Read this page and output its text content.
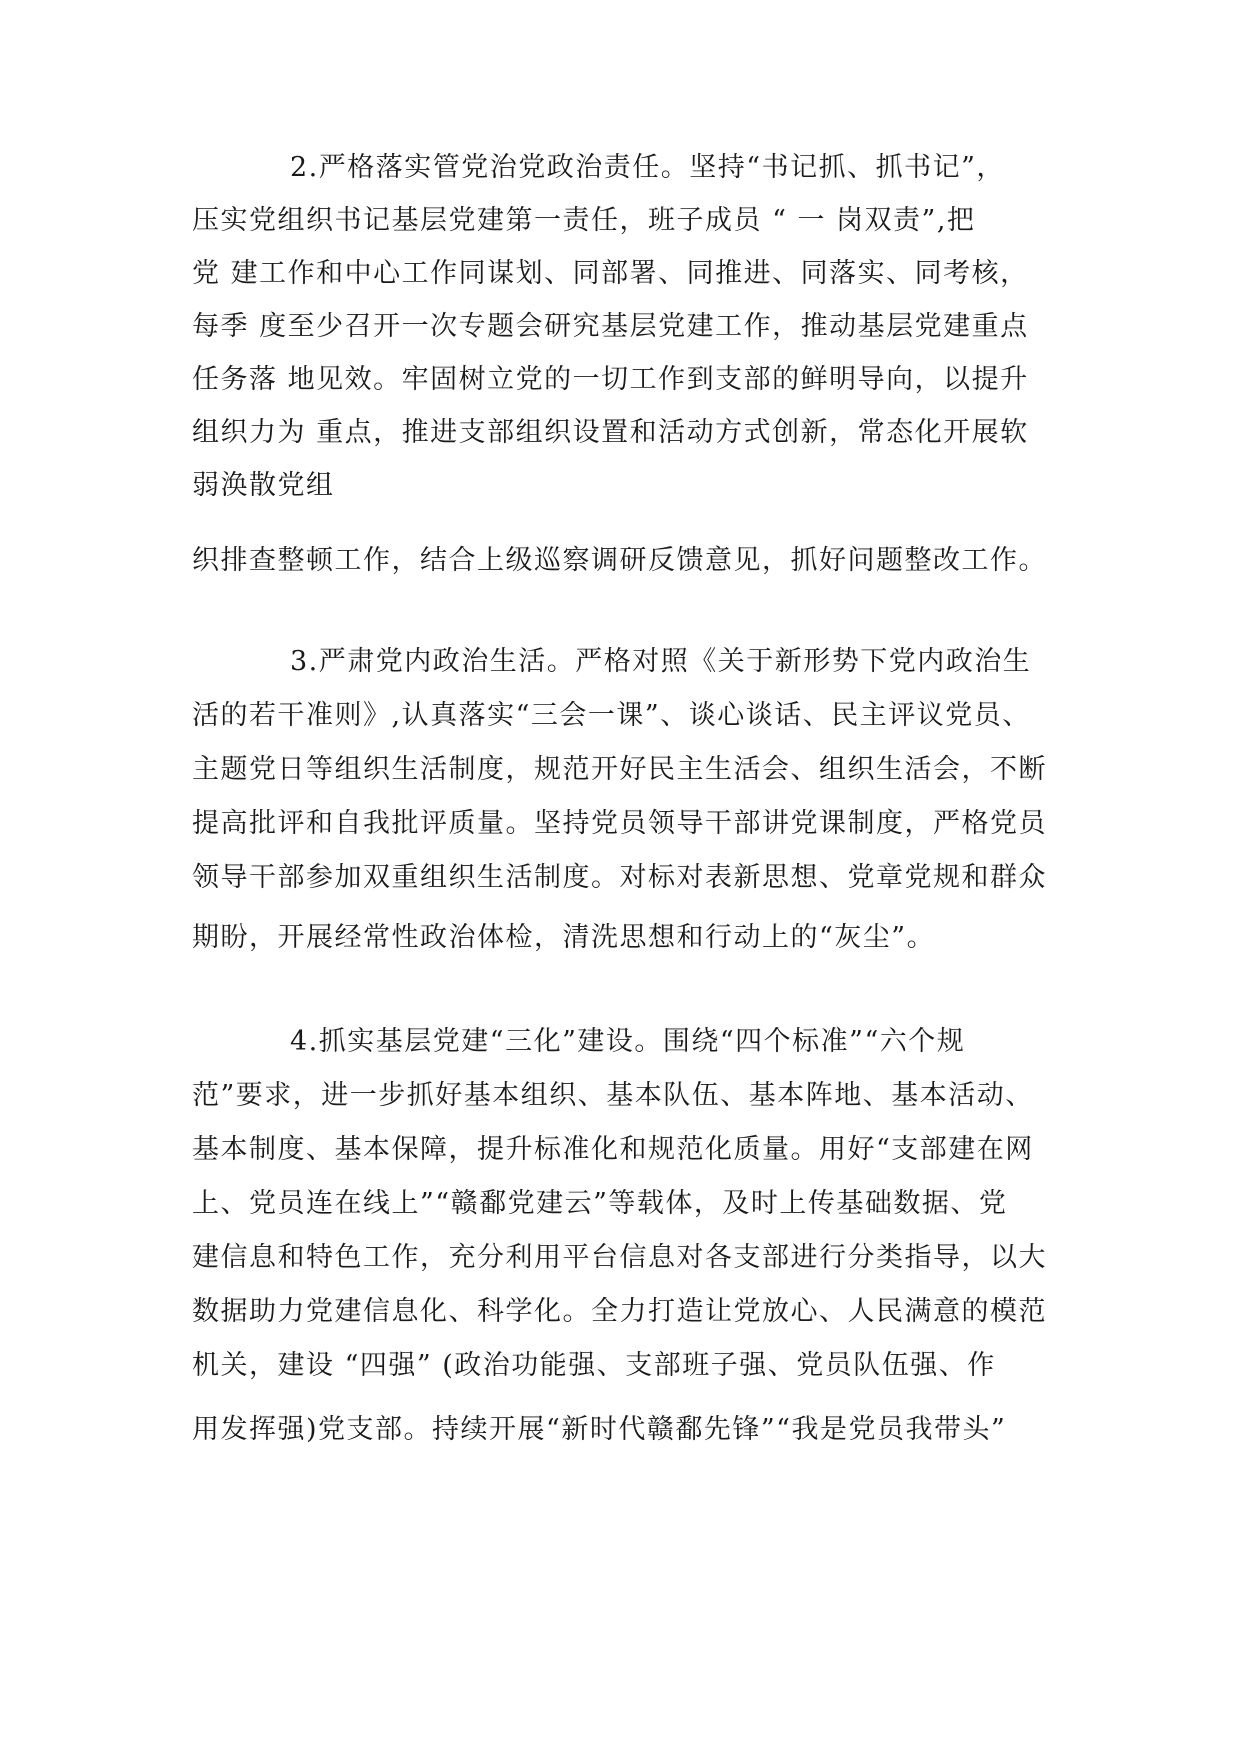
2.严格落实管党治党政治责任。坚持“书记抓、抓书记”，
压实党组织书记基层党建第一责任，班子成员 “ 一 岗双责”,把
党 建工作和中心工作同谋划、同部署、同推进、同落实、同考核，
每季 度至少召开一次专题会研究基层党建工作，推动基层党建重点
任务落 地见效。牢固树立党的一切工作到支部的鲜明导向，以提升
组织力为 重点，推进支部组织设置和活动方式创新，常态化开展软
弱涣散党组
织排查整顿工作，结合上级巡察调研反馈意见，抓好问题整改工作。
3.严肃党内政治生活。严格对照《关于新形势下党内政治生
活的若干准则》,认真落实“三会一课”、谈心谈话、民主评议党员、
主题党日等组织生活制度，规范开好民主生活会、组织生活会，不断
提高批评和自我批评质量。坚持党员领导干部讲党课制度，严格党员
领导干部参加双重组织生活制度。对标对表新思想、党章党规和群众
期盼，开展经常性政治体检，清洗思想和行动上的“灰尘”。
4.抓实基层党建“三化”建设。围绕“四个标准”“六个规
范”要求，进一步抓好基本组织、基本队伍、基本阵地、基本活动、
基本制度、基本保障，提升标准化和规范化质量。用好“支部建在网
上、党员连在线上”“赣鄱党建云”等载体，及时上传基础数据、党
建信息和特色工作，充分利用平台信息对各支部进行分类指导，以大
数据助力党建信息化、科学化。全力打造让党放心、人民满意的模范
机关，建设 “四强” (政治功能强、支部班子强、党员队伍强、作
用发挥强)党支部。持续开展“新时代赣鄱先锋”“我是党员我带头”
